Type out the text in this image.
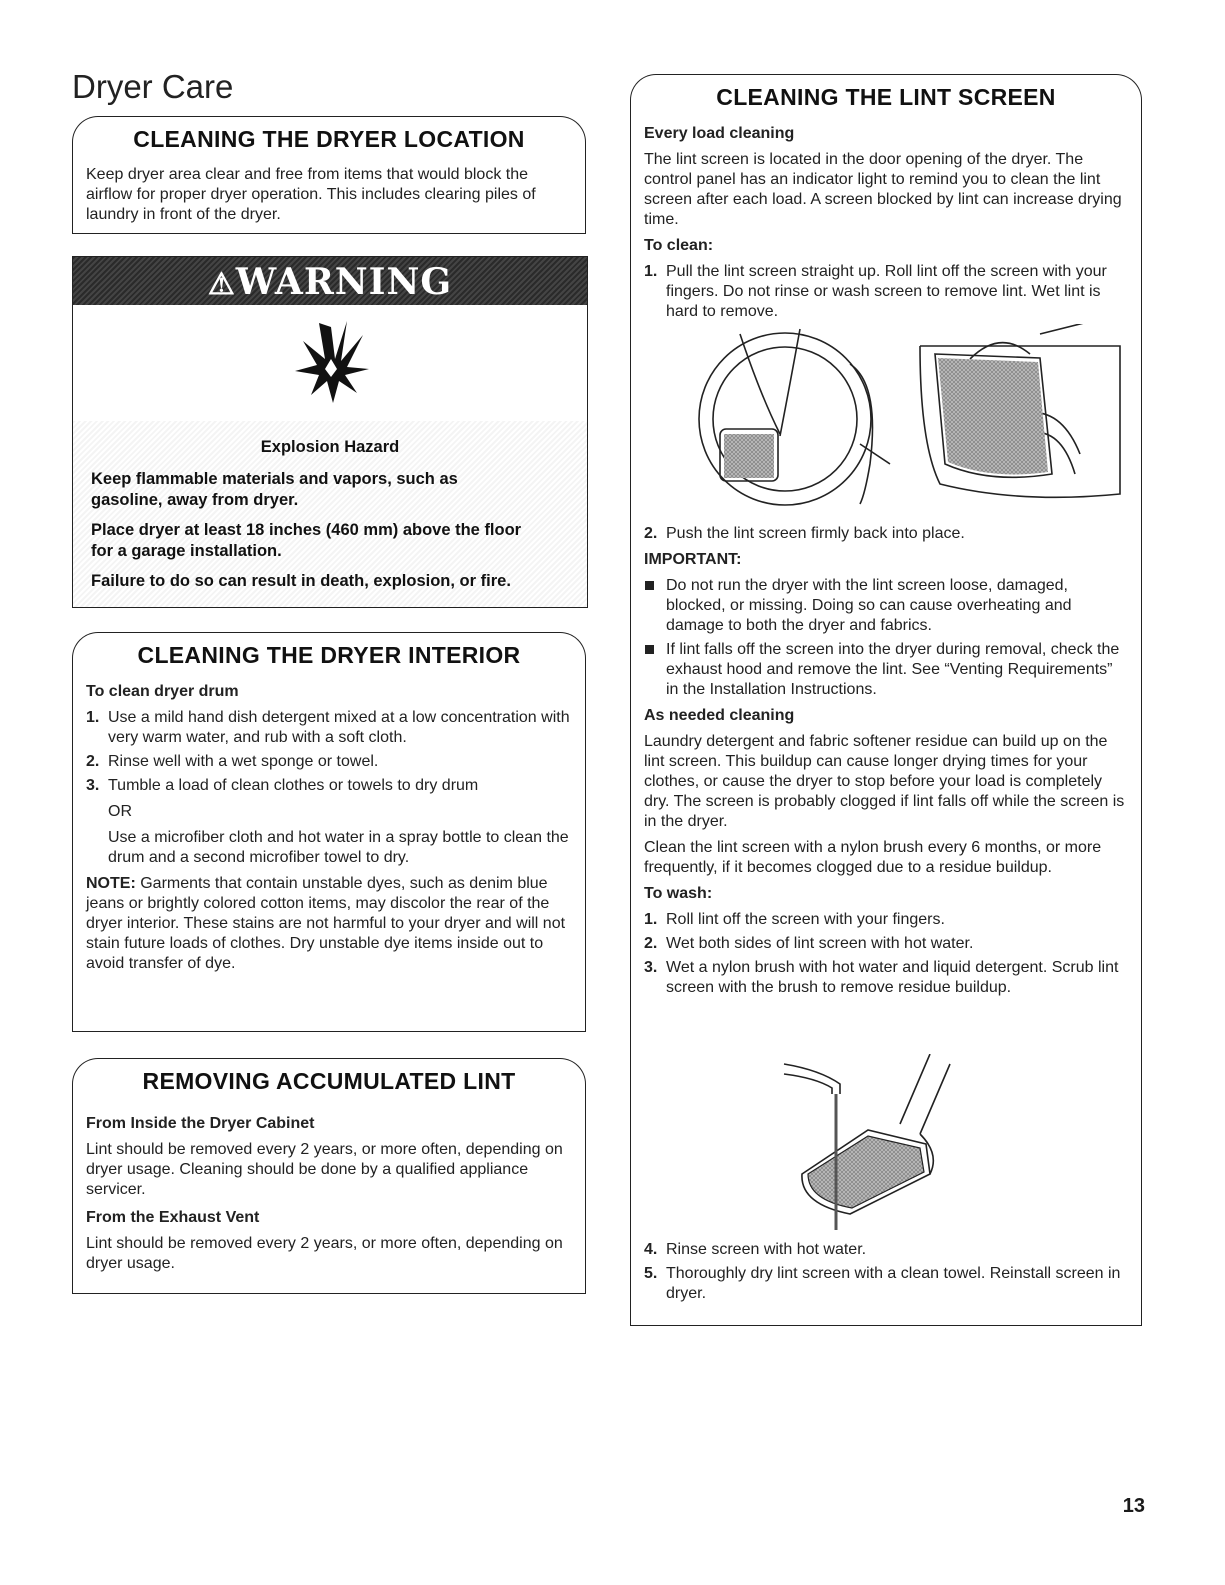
Dryer Care
CLEANING THE DRYER LOCATION

Keep dryer area clear and free from items that would block the airflow for proper dryer operation. This includes clearing piles of laundry in front of the dryer.

⚠WARNING
Explosion Hazard
Keep flammable materials and vapors, such as
gasoline, away from dryer.
Place dryer at least 18 inches (460 mm) above the floor
for a garage installation.
Failure to do so can result in death, explosion, or fire.
CLEANING THE DRYER INTERIOR

To clean dryer drum

1. Use a mild hand dish detergent mixed at a low concentration with very warm water, and rub with a soft cloth.
2. Rinse well with a wet sponge or towel.
3. Tumble a load of clean clothes or towels to dry drum

OR

Use a microfiber cloth and hot water in a spray bottle to clean the drum and a second microfiber towel to dry.

NOTE: Garments that contain unstable dyes, such as denim blue jeans or brightly colored cotton items, may discolor the rear of the dryer interior. These stains are not harmful to your dryer and will not stain future loads of clothes. Dry unstable dye items inside out to avoid transfer of dye.

REMOVING ACCUMULATED LINT

From Inside the Dryer Cabinet

Lint should be removed every 2 years, or more often, depending on dryer usage. Cleaning should be done by a qualified appliance servicer.

From the Exhaust Vent

Lint should be removed every 2 years, or more often, depending on dryer usage.

CLEANING THE LINT SCREEN

Every load cleaning

The lint screen is located in the door opening of the dryer. The control panel has an indicator light to remind you to clean the lint screen after each load. A screen blocked by lint can increase drying time.

To clean:

1. Pull the lint screen straight up. Roll lint off the screen with your fingers. Do not rinse or wash screen to remove lint. Wet lint is hard to remove.
2. Push the lint screen firmly back into place.

IMPORTANT:

Do not run the dryer with the lint screen loose, damaged, blocked, or missing. Doing so can cause overheating and damage to both the dryer and fabrics.
If lint falls off the screen into the dryer during removal, check the exhaust hood and remove the lint. See “Venting Requirements” in the Installation Instructions.

As needed cleaning

Laundry detergent and fabric softener residue can build up on the lint screen. This buildup can cause longer drying times for your clothes, or cause the dryer to stop before your load is completely dry. The screen is probably clogged if lint falls off while the screen is in the dryer.

Clean the lint screen with a nylon brush every 6 months, or more frequently, if it becomes clogged due to a residue buildup.

To wash:

1. Roll lint off the screen with your fingers.
2. Wet both sides of lint screen with hot water.
3. Wet a nylon brush with hot water and liquid detergent. Scrub lint screen with the brush to remove residue buildup.
4. Rinse screen with hot water.
5. Thoroughly dry lint screen with a clean towel. Reinstall screen in dryer.
13
